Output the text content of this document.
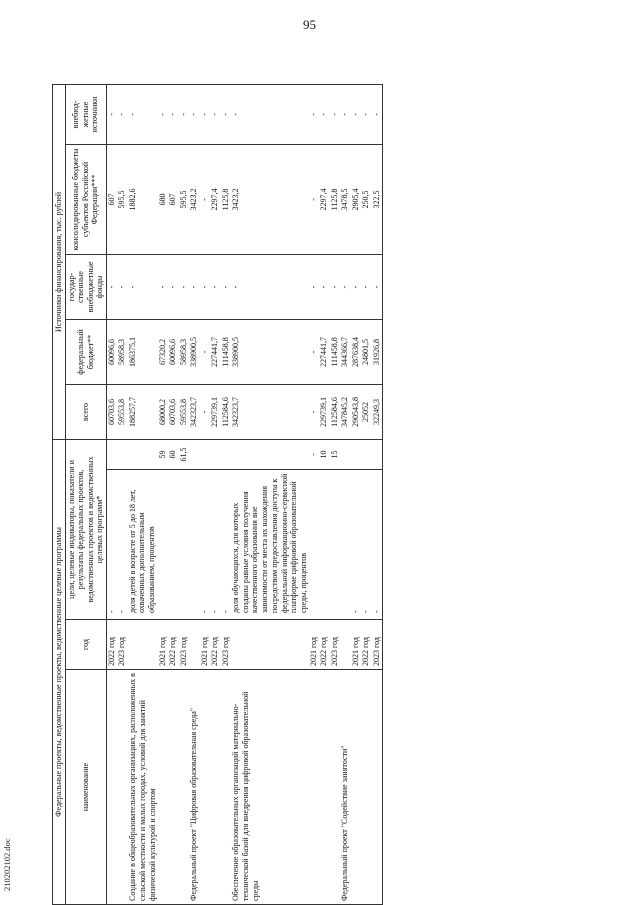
95
Федеральные проекты, ведомственные проекты, ведомственные целевые программы				Источники финансирования, тыс. рублей				
наименование	год	цели, целевые индикаторы, показатели и результаты федеральных проектов, ведомственных проектов и ведомственных целевых программ*		всего	федеральный бюджет**	государ- ственные внебюджетные фонды	консолидированные бюджеты субъектов Российской Федерации***	внебюд- жетные источники
	2022 год	-		60703,6	60096,6	-	607	-
	2023 год	-		59553,8	58958,3	-	595,5	-
Создание в общеобразовательных организациях, расположенных в сельской местности и малых городах, условий для занятий физической культурой и спортом		доля детей в возрасте от 5 до 18 лет, охваченных дополнительным образованием, процентов		188257,7	186375,1	-	1882,6	-
	2021 год		59	68000,2	67320,2	-	680	-
	2022 год		60	60703,6	60096,6	-	607	-
	2023 год		61,5	59553,8	58958,3	-	595,5	-
Федеральный проект "Цифровая образовательная среда"				342323,7	338900,5	-	3423,2	-
	2021 год	-		-	-	-	-	-
	2022 год	-		229739,1	227441,7	-	2297,4	-
	2023 год	-		112584,6	111458,8	-	1125,8	-
Обеспечение образовательных организаций материально-технической базой для внедрения цифровой образовательной среды		доля обучающихся, для которых созданы равные условия получения качественного образования вне зависимости от места их нахождения посредством предоставления доступа к федеральной информационно-сервисной платформе цифровой образовательной среды, процентов		342323,7	338900,5	-	3423,2	-
	2021 год		-	-	-	-	-	-
	2022 год		10	229739,1	227441,7	-	2297,4	-
	2023 год		15	112584,6	111458,8	-	1125,8	-
Федеральный проект "Содействие занятости"				347845,2	344366,7	-	3478,5	-
	2021 год	-		290543,8	287638,4	-	2905,4	-
	2022 год	-		25052	24801,5	-	250,5	-
	2023 год	-		32249,3	31926,8	-	322,5	-
210202102.doc
